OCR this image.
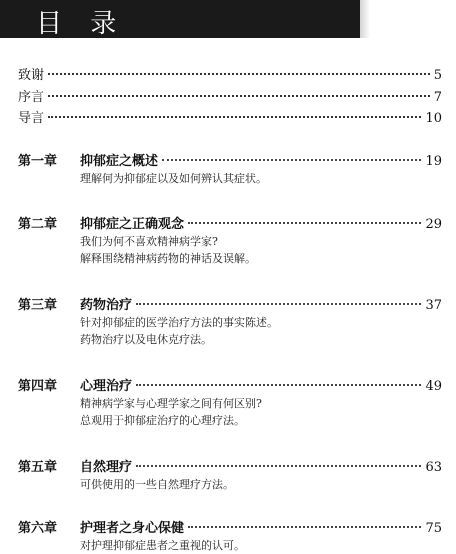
目 录
致谢	5
序言	7
导言	10
第一章	抑郁症之概述	19
理解何为抑郁症以及如何辨认其症状。
第二章	抑郁症之正确观念	29
我们为何不喜欢精神病学家?
解释围绕精神病药物的神话及误解。
第三章	药物治疗	37
针对抑郁症的医学治疗方法的事实陈述。
药物治疗以及电休克疗法。
第四章	心理治疗	49
精神病学家与心理学家之间有何区别?
总观用于抑郁症治疗的心理疗法。
第五章	自然理疗	63
可供使用的一些自然理疗方法。
第六章	护理者之身心保健	75
对护理抑郁症患者之重视的认可。
